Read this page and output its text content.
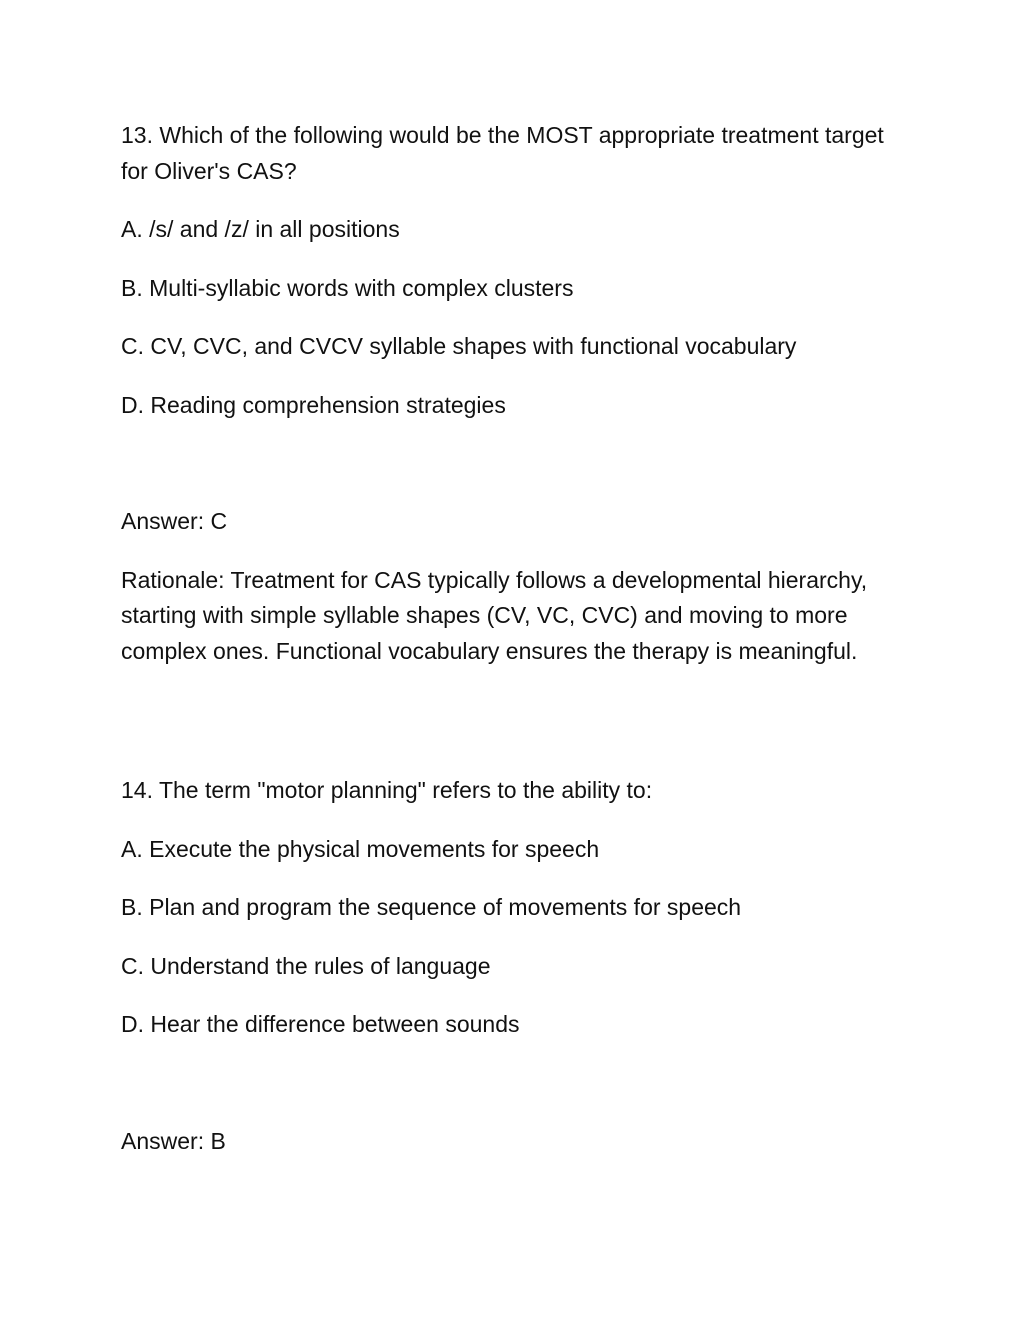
13. Which of the following would be the MOST appropriate treatment target for Oliver's CAS?

A. /s/ and /z/ in all positions

B. Multi-syllabic words with complex clusters

C. CV, CVC, and CVCV syllable shapes with functional vocabulary

D. Reading comprehension strategies

Answer: C

Rationale: Treatment for CAS typically follows a developmental hierarchy, starting with simple syllable shapes (CV, VC, CVC) and moving to more complex ones. Functional vocabulary ensures the therapy is meaningful.

14. The term "motor planning" refers to the ability to:

A. Execute the physical movements for speech

B. Plan and program the sequence of movements for speech

C. Understand the rules of language

D. Hear the difference between sounds

Answer: B
